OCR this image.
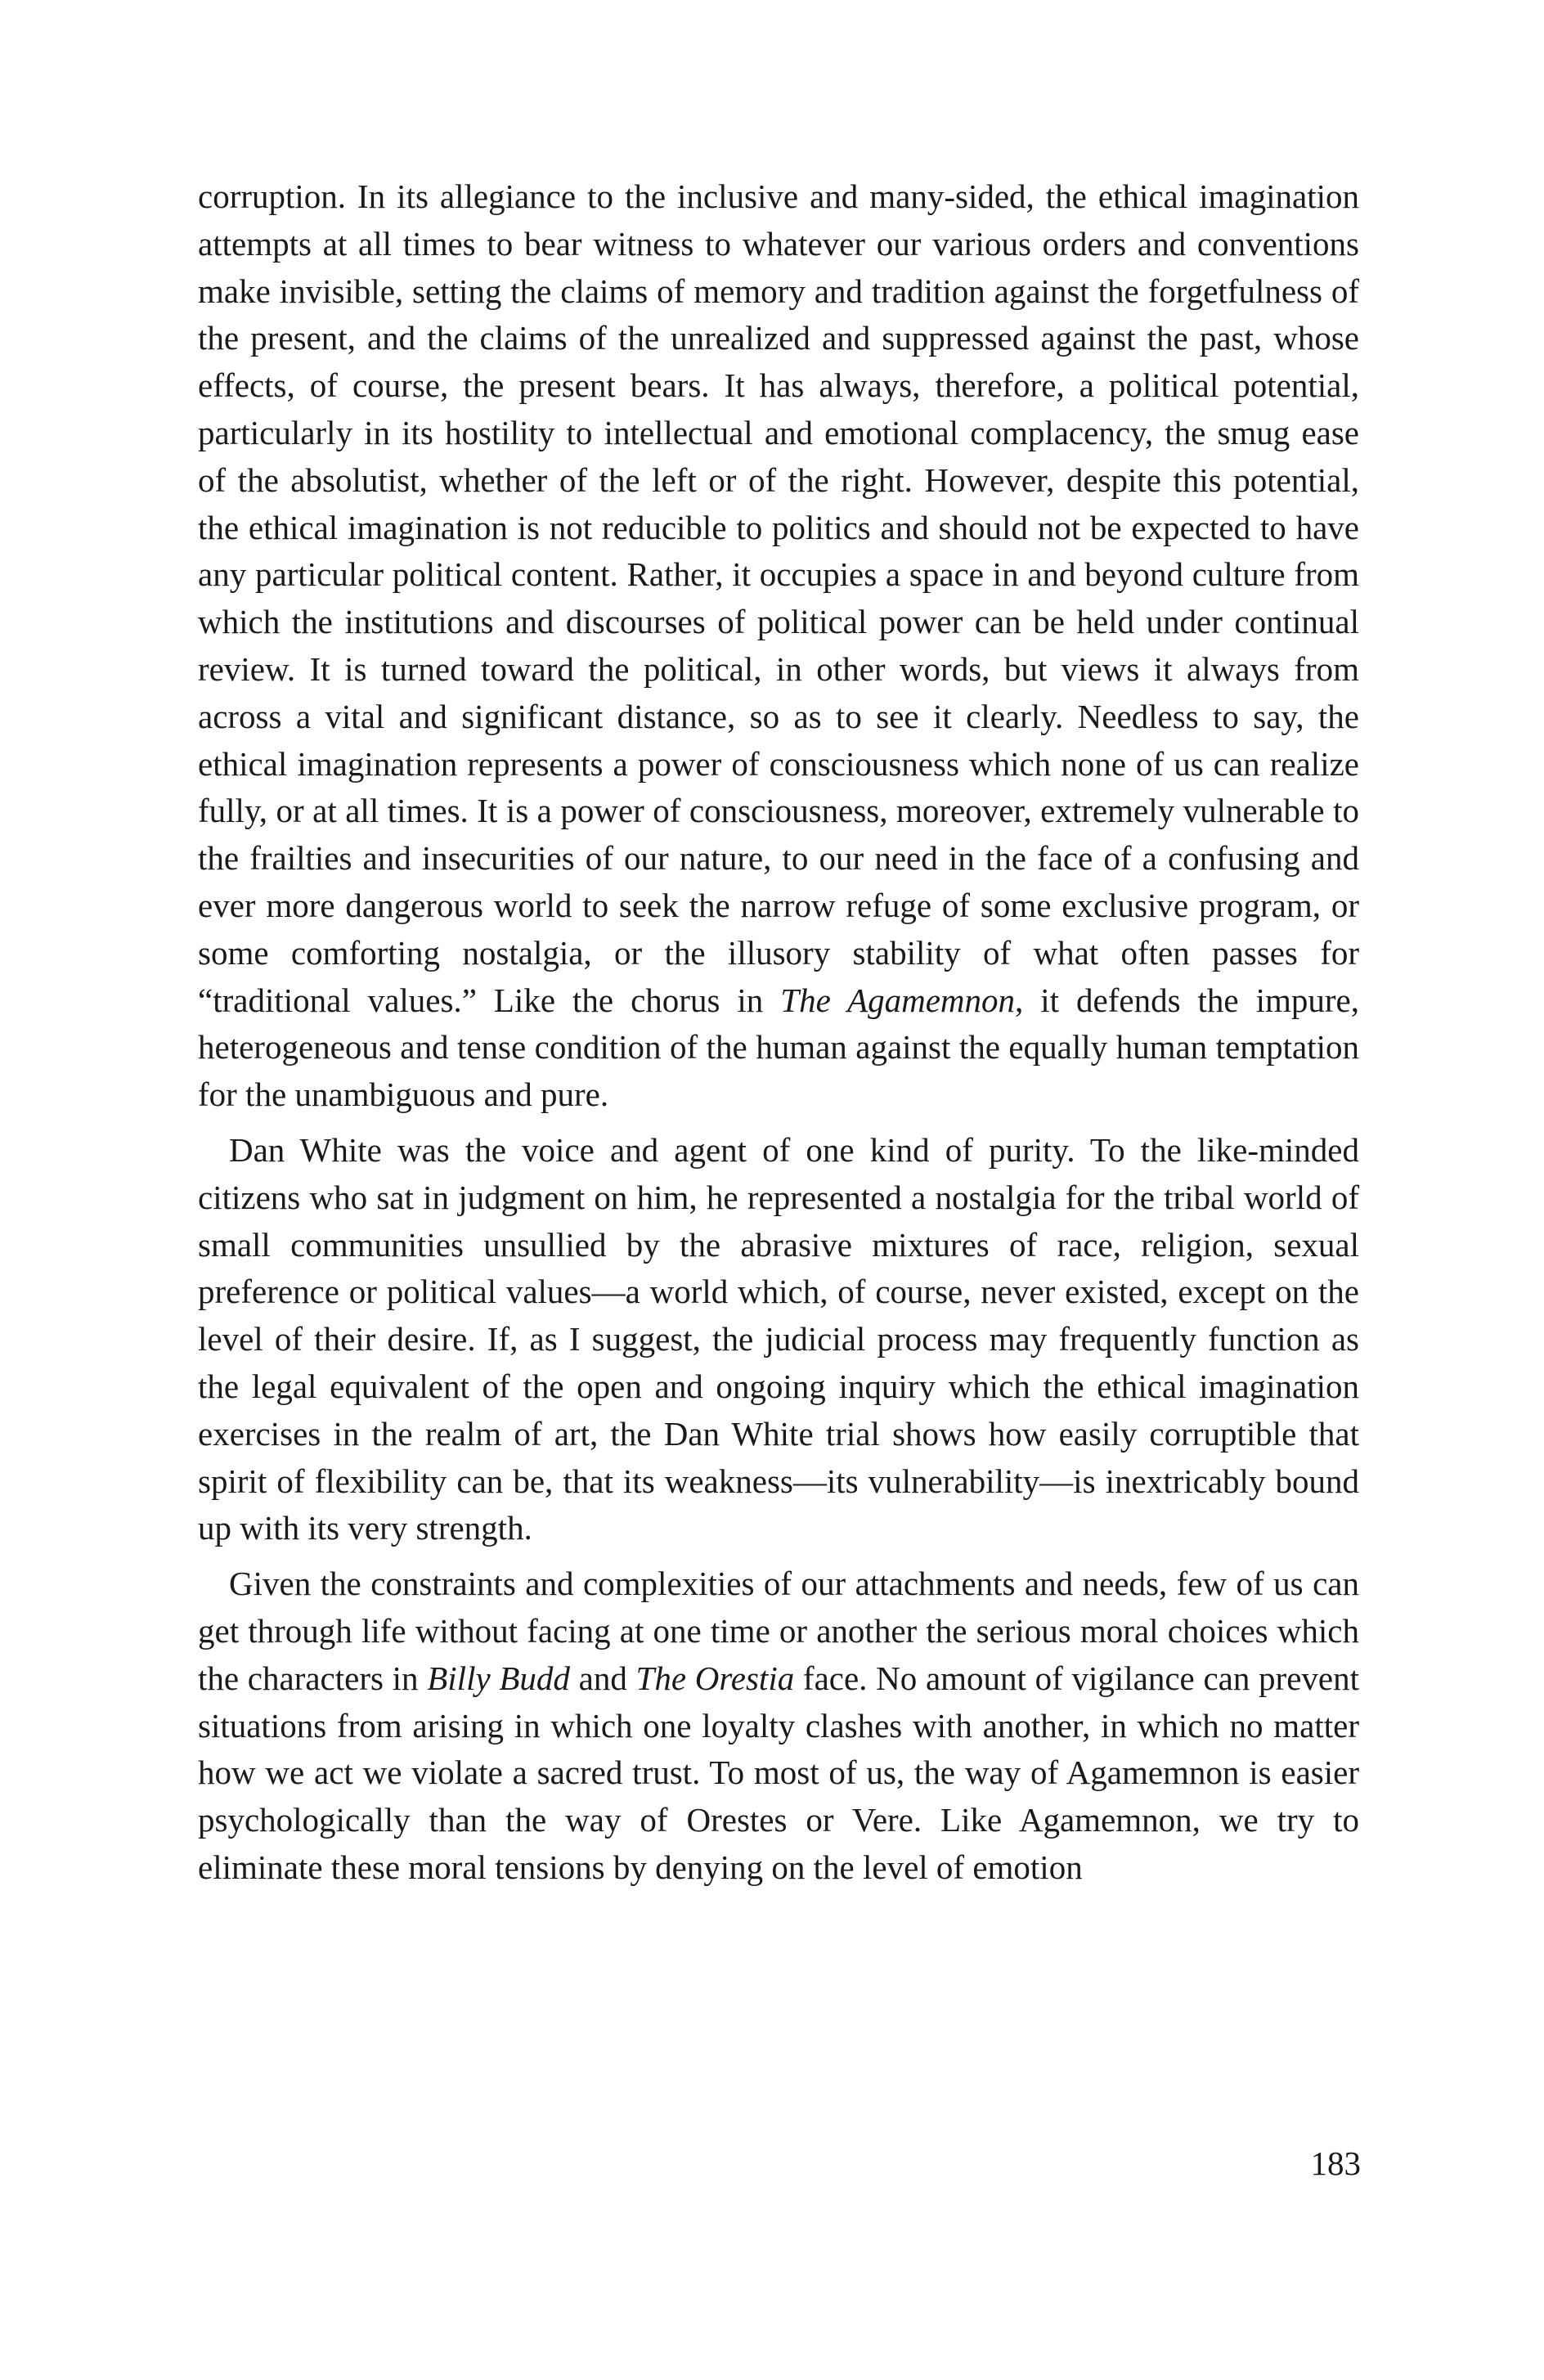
corruption. In its allegiance to the inclusive and many-sided, the ethical imagination attempts at all times to bear witness to whatever our various orders and conventions make invisible, setting the claims of memory and tradition against the forgetfulness of the present, and the claims of the unrealized and suppressed against the past, whose effects, of course, the present bears. It has always, therefore, a political potential, particularly in its hostility to intellectual and emotional complacency, the smug ease of the absolutist, whether of the left or of the right. However, despite this potential, the ethical imagination is not reducible to politics and should not be expected to have any particular political content. Rather, it occupies a space in and beyond culture from which the institutions and discourses of political power can be held under continual review. It is turned toward the political, in other words, but views it always from across a vital and significant distance, so as to see it clearly. Needless to say, the ethical imagination represents a power of consciousness which none of us can realize fully, or at all times. It is a power of consciousness, moreover, extremely vulnerable to the frailties and insecurities of our nature, to our need in the face of a confusing and ever more dangerous world to seek the narrow refuge of some exclusive program, or some comforting nostalgia, or the illusory stability of what often passes for “traditional values.” Like the chorus in The Agamemnon, it defends the impure, heterogeneous and tense condition of the human against the equally human temptation for the unambiguous and pure.

Dan White was the voice and agent of one kind of purity. To the like-minded citizens who sat in judgment on him, he represented a nostalgia for the tribal world of small communities unsullied by the abrasive mixtures of race, religion, sexual preference or political values—a world which, of course, never existed, except on the level of their desire. If, as I suggest, the judicial process may frequently function as the legal equivalent of the open and ongoing inquiry which the ethical imagination exercises in the realm of art, the Dan White trial shows how easily corruptible that spirit of flexibility can be, that its weakness—its vulnerability—is inextricably bound up with its very strength.

Given the constraints and complexities of our attachments and needs, few of us can get through life without facing at one time or another the serious moral choices which the characters in Billy Budd and The Orestia face. No amount of vigilance can prevent situations from arising in which one loyalty clashes with another, in which no matter how we act we violate a sacred trust. To most of us, the way of Agamemnon is easier psychologically than the way of Orestes or Vere. Like Agamemnon, we try to eliminate these moral tensions by denying on the level of emotion

183
